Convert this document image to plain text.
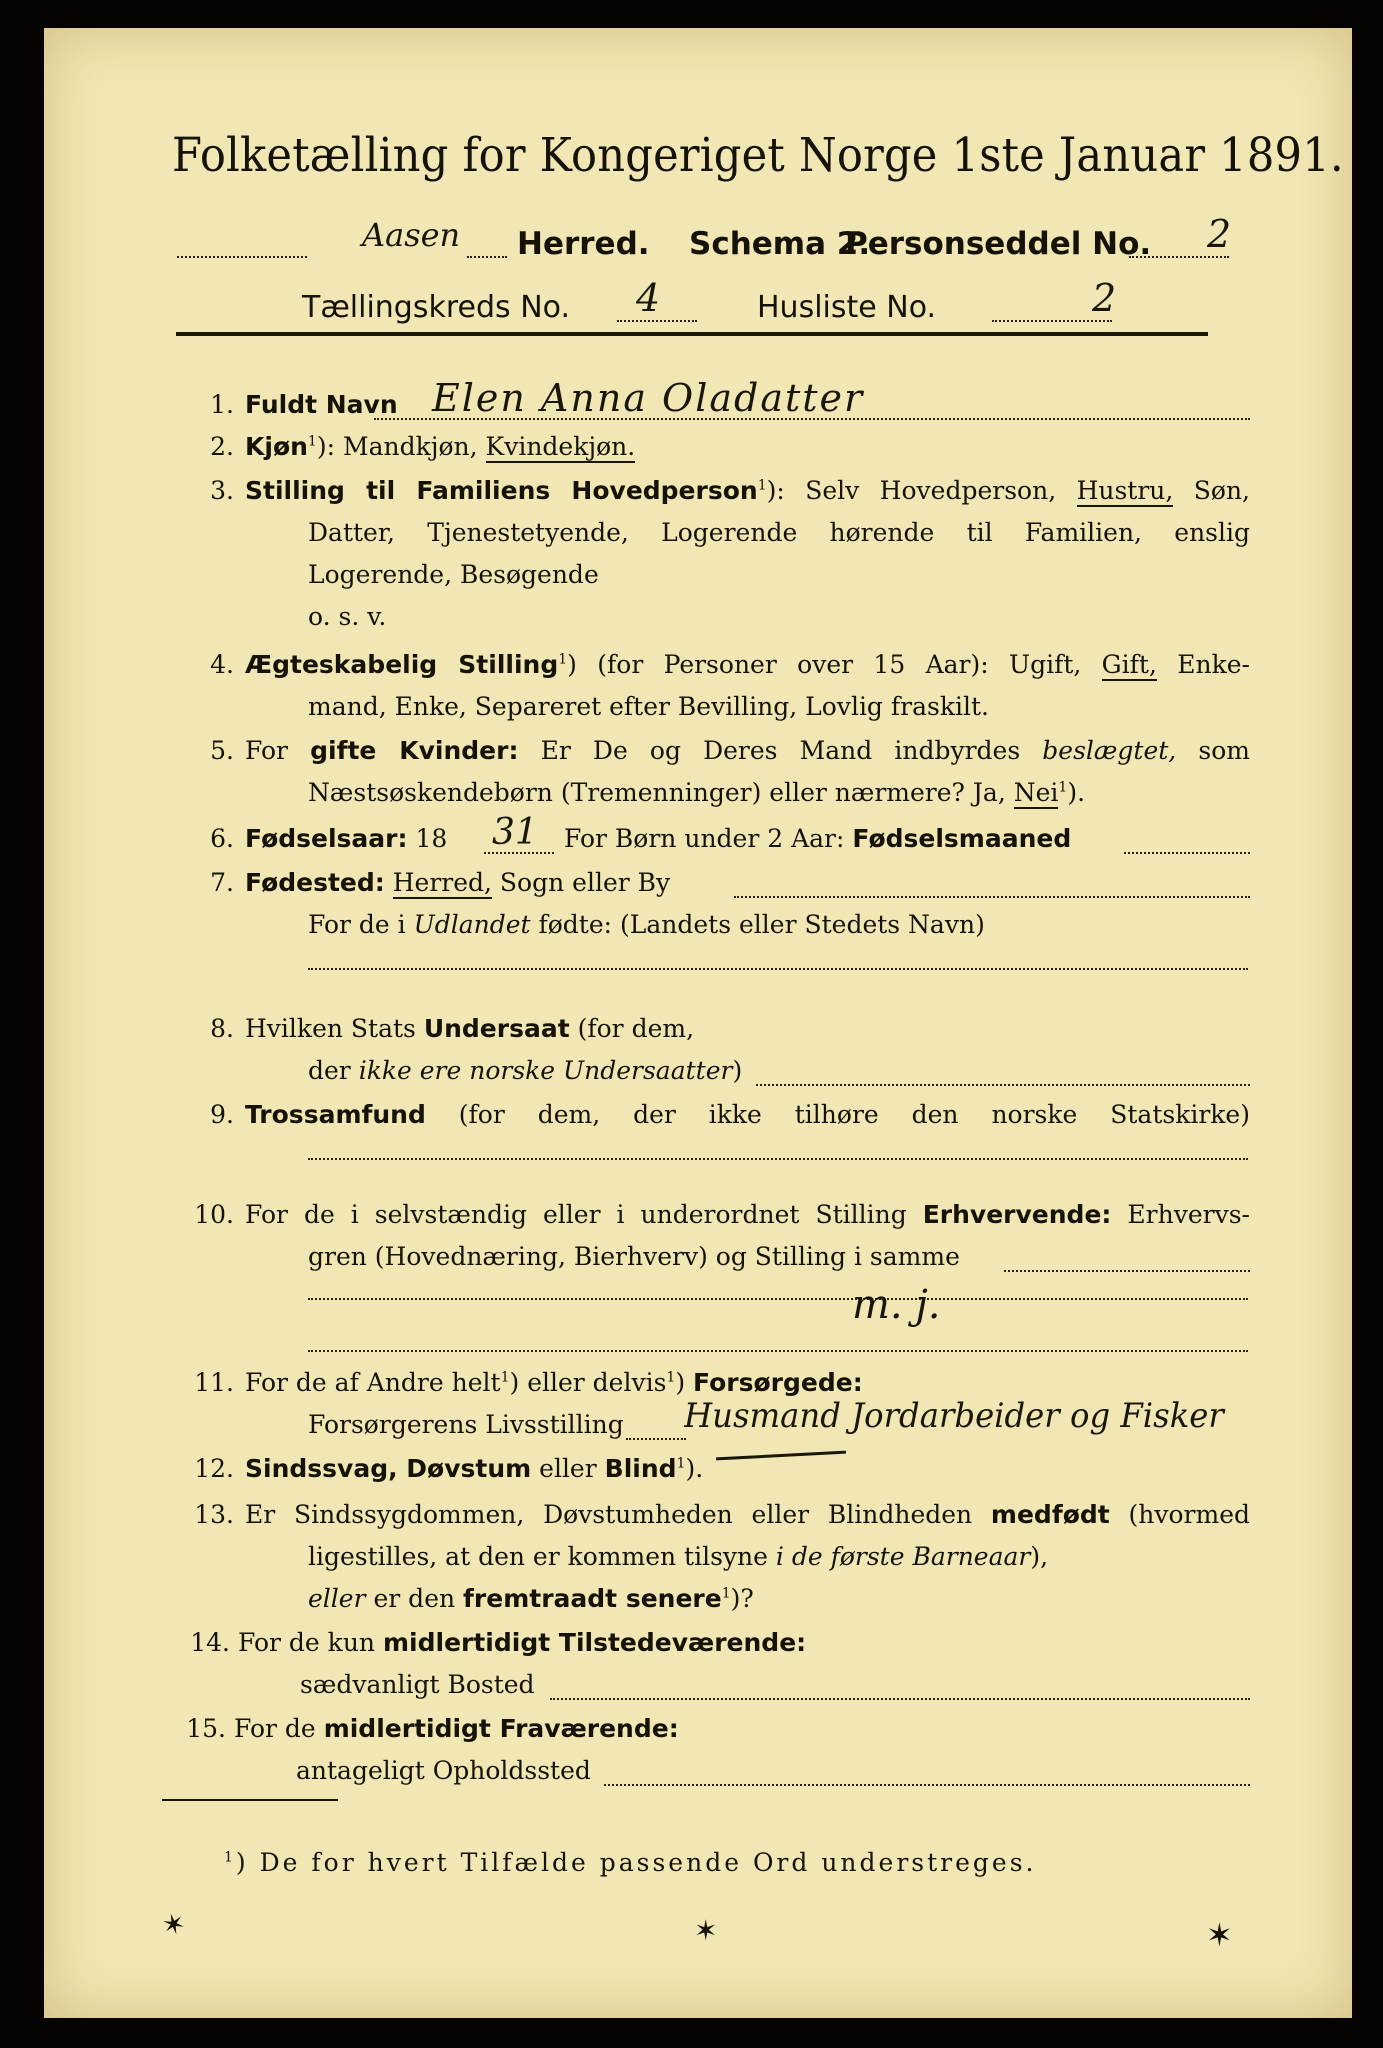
Folketælling for Kongeriget Norge 1ste Januar 1891.
Aasen Herred. Schema 2.
Personseddel No. 2
Tællingskreds No. 4	Husliste No.	2
1. Fuldt Navn Elen Anna Oladatter
2. Kjøn$^1$): Mandkjøn, Kvindekjøn.
3. Stilling til Familiens Hovedperson$^1$): Selv Hovedperson, Hustru, Søn,
Datter, Tjenestetyende, Logerende hørende til Familien, enslig
Logerende, Besøgende
o. s. v.
4. Ægteskabelig Stilling$^1$) (for Personer over 15 Aar): Ugift, Gift, Enke-
mand, Enke, Separeret efter Bevilling, Lovlig fraskilt.
5. For gifte Kvinder: Er De og Deres Mand indbyrdes beslægtet, som
Næstsøskendebørn (Tremenninger) eller nærmere? Ja, Nei$^1$).
6. Fødselsaar: 18 31 For Børn under 2 Aar: Fødselsmaaned
7. Fødested: Herred, Sogn eller By
For de i Udlandet fødte: (Landets eller Stedets Navn)
8. Hvilken Stats Undersaat (for dem,
der ikke ere norske Undersaatter)
9. Trossamfund (for dem, der ikke tilhøre den norske Statskirke)
10. For de i selvstændig eller i underordnet Stilling Erhvervende: Erhvervs-
gren (Hovednæring, Bierhverv) og Stilling i samme
m. j.
11. For de af Andre helt$^1$) eller delvis$^1$) Forsørgede:
Forsørgerens Livsstilling Husmand Jordarbeider og Fisker
12. Sindssvag, Døvstum eller Blind$^1$).
13. Er Sindssygdommen, Døvstumheden eller Blindheden medfødt (hvormed
ligestilles, at den er kommen tilsyne i de første Barneaar),
eller er den fremtraadt senere$^1$)?
14. For de kun midlertidigt Tilstedeværende:
sædvanligt Bosted
15. For de midlertidigt Fraværende:
antageligt Opholdssted
$^1$) De for hvert Tilfælde passende Ord understreges.
✶	✶	✶
